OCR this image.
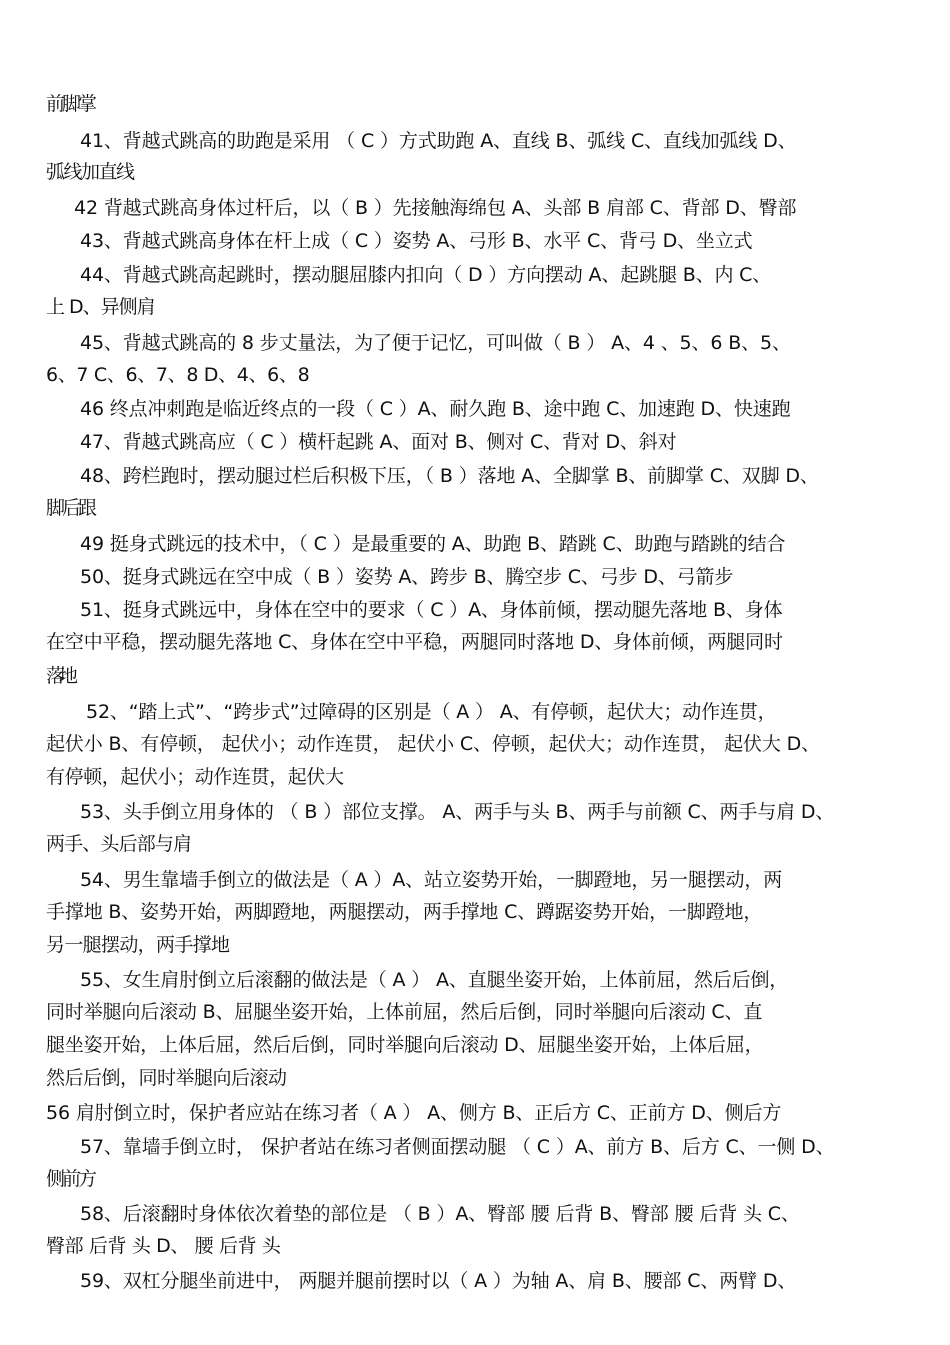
前脚掌
41、背越式跳高的助跑是采用 （ C ）方式助跑 A、直线 B、弧线 C、直线加弧线 D、
弧线加直线
42 背越式跳高身体过杆后，以（ B ）先接触海绵包 A、头部 B 肩部 C、背部 D、臀部
43、背越式跳高身体在杆上成（ C ）姿势 A、弓形 B、水平 C、背弓 D、坐立式
44、背越式跳高起跳时，摆动腿屈膝内扣向（ D ）方向摆动 A、起跳腿 B、内 C、
上 D、异侧肩
45、背越式跳高的 8 步丈量法，为了便于记忆，可叫做（ B ） A、4 、5、6 B、5、
6、7 C、6、7、8 D、4、6、8
46 终点冲刺跑是临近终点的一段（ C ）A、耐久跑 B、途中跑 C、加速跑 D、快速跑
47、背越式跳高应（ C ）横杆起跳 A、面对 B、侧对 C、背对 D、斜对
48、跨栏跑时，摆动腿过栏后积极下压，（ B ）落地 A、全脚掌 B、前脚掌 C、双脚 D、
脚后跟
49 挺身式跳远的技术中，（ C ）是最重要的 A、助跑 B、踏跳 C、助跑与踏跳的结合
50、挺身式跳远在空中成（ B ）姿势 A、跨步 B、腾空步 C、弓步 D、弓箭步
51、挺身式跳远中，身体在空中的要求（ C ）A、身体前倾，摆动腿先落地 B、身体
在空中平稳，摆动腿先落地 C、身体在空中平稳，两腿同时落地 D、身体前倾，两腿同时
落地
52、“踏上式”、“跨步式”过障碍的区别是（ A ） A、有停顿，起伏大；动作连贯，
起伏小 B、有停顿， 起伏小；动作连贯， 起伏小 C、停顿，起伏大；动作连贯， 起伏大 D、
有停顿，起伏小；动作连贯，起伏大
53、头手倒立用身体的 （ B ）部位支撑。 A、两手与头 B、两手与前额 C、两手与肩 D、
两手、头后部与肩
54、男生靠墙手倒立的做法是（ A ）A、站立姿势开始，一脚蹬地，另一腿摆动，两
手撑地 B、姿势开始，两脚蹬地，两腿摆动，两手撑地 C、蹲踞姿势开始，一脚蹬地，
另一腿摆动，两手撑地
55、女生肩肘倒立后滚翻的做法是（ A ） A、直腿坐姿开始，上体前屈，然后后倒，
同时举腿向后滚动 B、屈腿坐姿开始，上体前屈，然后后倒，同时举腿向后滚动 C、直
腿坐姿开始，上体后屈，然后后倒，同时举腿向后滚动 D、屈腿坐姿开始，上体后屈，
然后后倒，同时举腿向后滚动
56 肩肘倒立时，保护者应站在练习者（ A ） A、侧方 B、正后方 C、正前方 D、侧后方
57、靠墙手倒立时， 保护者站在练习者侧面摆动腿 （ C ）A、前方 B、后方 C、一侧 D、
侧前方
58、后滚翻时身体依次着垫的部位是 （ B ）A、臀部 腰 后背 B、臀部 腰 后背 头 C、
臀部 后背 头 D、 腰 后背 头
59、双杠分腿坐前进中， 两腿并腿前摆时以（ A ）为轴 A、肩 B、腰部 C、两臂 D、
